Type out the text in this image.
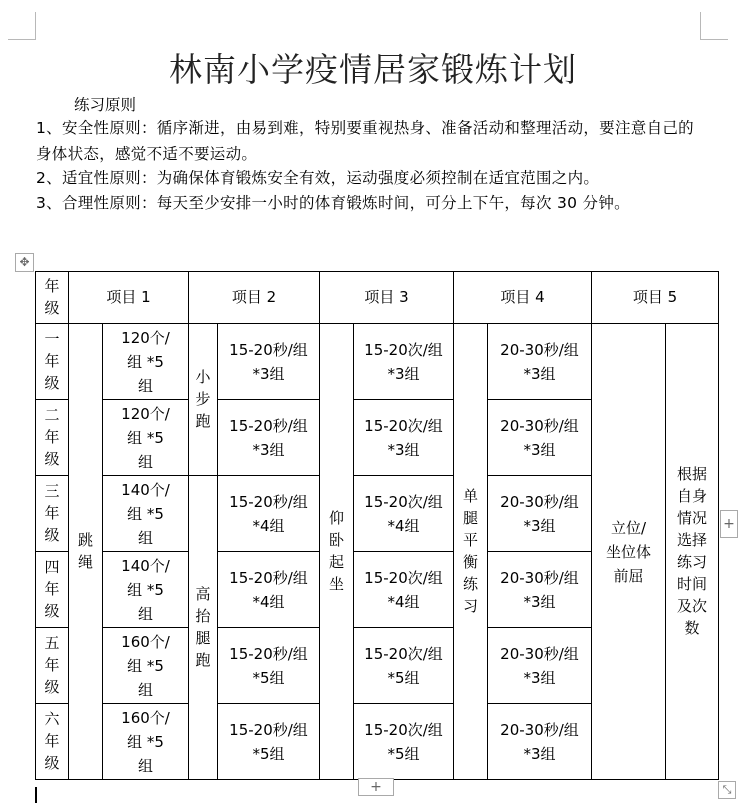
林南小学疫情居家锻炼计划
练习原则
1、安全性原则：循序渐进，由易到难，特别要重视热身、准备活动和整理活动，要注意自己的身体状态，感觉不适不要运动。
2、适宜性原则：为确保体育锻炼安全有效，运动强度必须控制在适宜范围之内。
3、合理性原则：每天至少安排一小时的体育锻炼时间，可分上下午，每次 30 分钟。
✥
年级	项目 1		项目 2		项目 3		项目 4		项目 5	
一年级	跳绳	120个/组 *5组	小步跑	15-20秒/组 *3组	仰卧起坐	15-20次/组 *3组	单腿平衡练习	20-30秒/组 *3组	立位/坐位体前屈	根据自身情况选择练习时间及次数
二年级		120个/组 *5组		15-20秒/组 *3组		15-20次/组 *3组		20-30秒/组 *3组		
三年级		140个/组 *5组	高抬腿跑	15-20秒/组 *4组		15-20次/组 *4组		20-30秒/组 *3组		
四年级		140个/组 *5组		15-20秒/组 *4组		15-20次/组 *4组		20-30秒/组 *3组		
五年级		160个/组 *5组		15-20秒/组 *5组		15-20次/组 *5组		20-30秒/组 *3组		
六年级		160个/组 *5组		15-20秒/组 *5组		15-20次/组 *5组		20-30秒/组 *3组		
+
+	⤡
